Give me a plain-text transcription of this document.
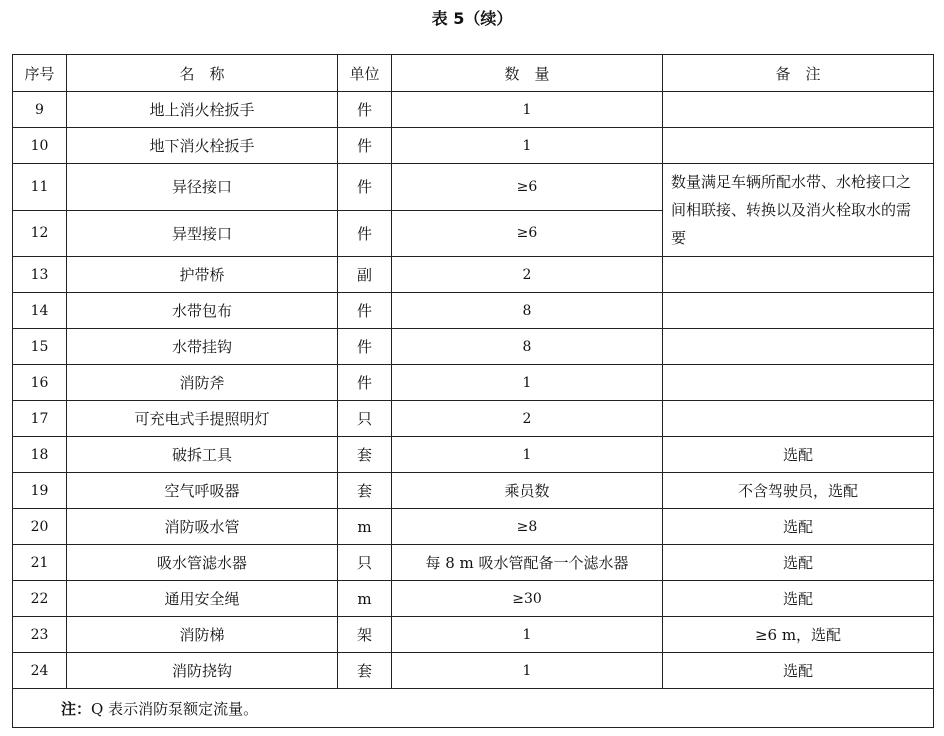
表 5（续）
序号	名　称	单位	数　量	备　注
9	地上消火栓扳手	件	1	
10	地下消火栓扳手	件	1	
11	异径接口	件	≥6	数量满足车辆所配水带、水枪接口之间相联接、转换以及消火栓取水的需要
12	异型接口	件	≥6	
13	护带桥	副	2	
14	水带包布	件	8	
15	水带挂钩	件	8	
16	消防斧	件	1	
17	可充电式手提照明灯	只	2	
18	破拆工具	套	1	选配
19	空气呼吸器	套	乘员数	不含驾驶员，选配
20	消防吸水管	m	≥8	选配
21	吸水管滤水器	只	每 8 m 吸水管配备一个滤水器	选配
22	通用安全绳	m	≥30	选配
23	消防梯	架	1	≥6 m，选配
24	消防挠钩	套	1	选配
注：Q 表示消防泵额定流量。				
